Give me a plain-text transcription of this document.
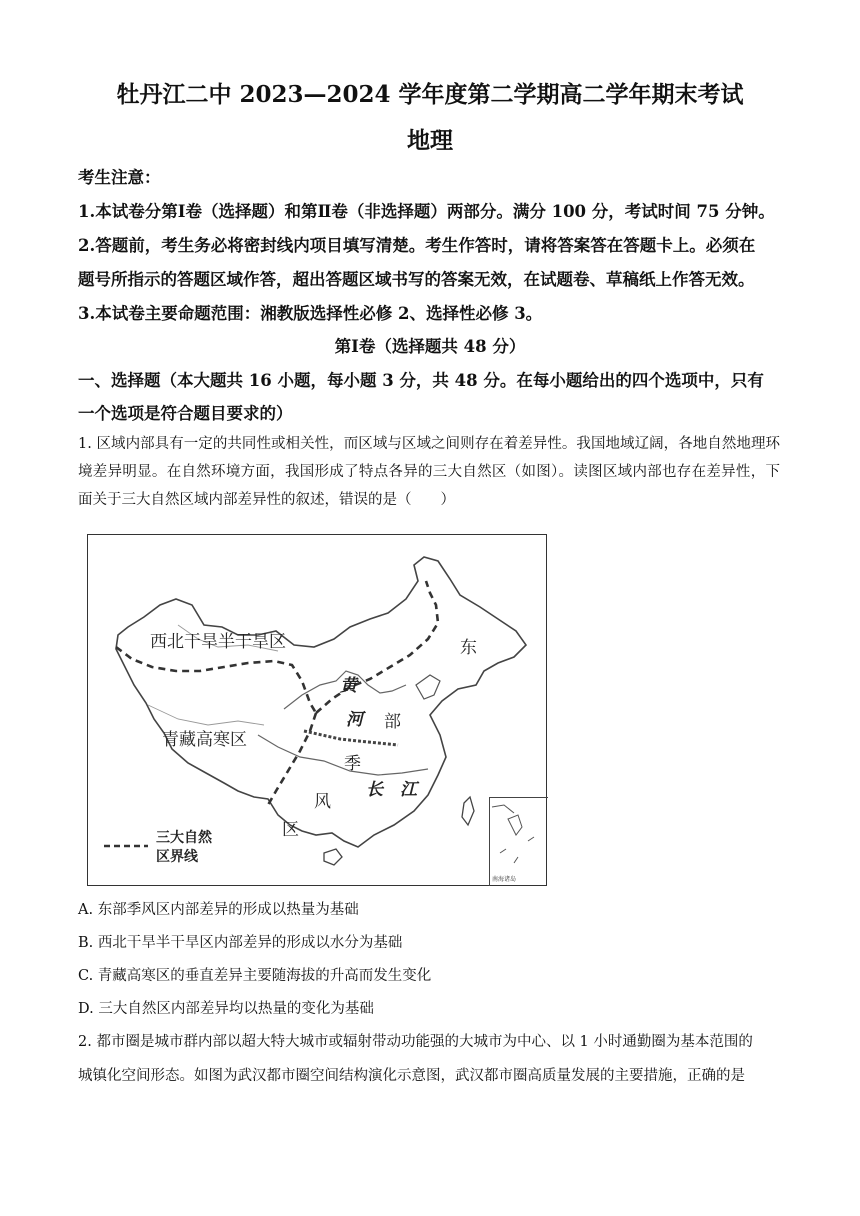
牡丹江二中 2023—2024 学年度第二学期高二学年期末考试
地理
考生注意：
1.本试卷分第Ⅰ卷（选择题）和第Ⅱ卷（非选择题）两部分。满分 100 分，考试时间 75 分钟。
2.答题前，考生务必将密封线内项目填写清楚。考生作答时，请将答案答在答题卡上。必须在
题号所指示的答题区域作答，超出答题区域书写的答案无效，在试题卷、草稿纸上作答无效。
3.本试卷主要命题范围：湘教版选择性必修 2、选择性必修 3。
第Ⅰ卷（选择题共 48 分）
一、选择题（本大题共 16 小题，每小题 3 分，共 48 分。在每小题给出的四个选项中，只有
一个选项是符合题目要求的）
1. 区域内部具有一定的共同性或相关性，而区域与区域之间则存在着差异性。我国地域辽阔，各地自然地理环境差异明显。在自然环境方面，我国形成了特点各异的三大自然区（如图）。读图区域内部也存在差异性，下面关于三大自然区域内部差异性的叙述，错误的是（　　）
西北干旱半干旱区
青藏高寒区
东
部
季
风
区
黄
河
长 江
三大自然
区界线
南海诸岛
A. 东部季风区内部差异的形成以热量为基础
B. 西北干旱半干旱区内部差异的形成以水分为基础
C. 青藏高寒区的垂直差异主要随海拔的升高而发生变化
D. 三大自然区内部差异均以热量的变化为基础
2. 都市圈是城市群内部以超大特大城市或辐射带动功能强的大城市为中心、以 1 小时通勤圈为基本范围的
城镇化空间形态。如图为武汉都市圈空间结构演化示意图，武汉都市圈高质量发展的主要措施，正确的是
